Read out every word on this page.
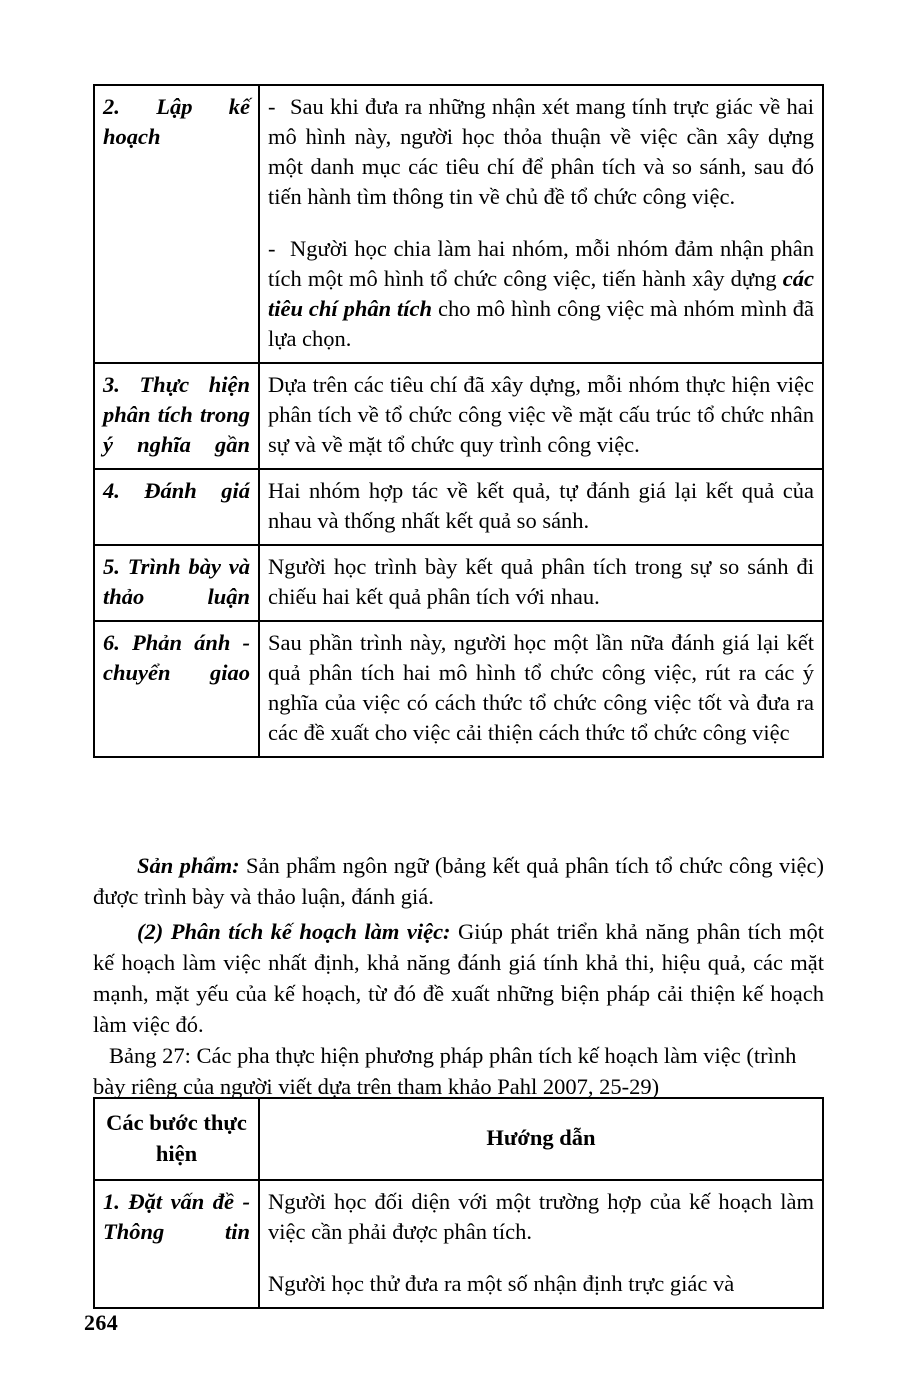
2. Lập kế hoạch	- Sau khi đưa ra những nhận xét mang tính trực giác về hai mô hình này, người học thỏa thuận về việc cần xây dựng một danh mục các tiêu chí để phân tích và so sánh, sau đó tiến hành tìm thông tin về chủ đề tổ chức công việc.

- Người học chia làm hai nhóm, mỗi nhóm đảm nhận phân tích một mô hình tổ chức công việc, tiến hành xây dựng các tiêu chí phân tích cho mô hình công việc mà nhóm mình đã lựa chọn.

3. Thực hiện phân tích trong ý nghĩa gần	Dựa trên các tiêu chí đã xây dựng, mỗi nhóm thực hiện việc phân tích về tổ chức công việc về mặt cấu trúc tổ chức nhân sự và về mặt tổ chức quy trình công việc.

4. Đánh giá	Hai nhóm hợp tác về kết quả, tự đánh giá lại kết quả của nhau và thống nhất kết quả so sánh.

5. Trình bày và thảo luận	Người học trình bày kết quả phân tích trong sự so sánh đi chiếu hai kết quả phân tích với nhau.

6. Phản ánh - chuyển giao	Sau phần trình này, người học một lần nữa đánh giá lại kết quả phân tích hai mô hình tổ chức công việc, rút ra các ý nghĩa của việc có cách thức tổ chức công việc tốt và đưa ra các đề xuất cho việc cải thiện cách thức tổ chức công việc

Sản phẩm: Sản phẩm ngôn ngữ (bảng kết quả phân tích tổ chức công việc) được trình bày và thảo luận, đánh giá.
(2) Phân tích kế hoạch làm việc: Giúp phát triển khả năng phân tích một kế hoạch làm việc nhất định, khả năng đánh giá tính khả thi, hiệu quả, các mặt mạnh, mặt yếu của kế hoạch, từ đó đề xuất những biện pháp cải thiện kế hoạch làm việc đó.
Bảng 27: Các pha thực hiện phương pháp phân tích kế hoạch làm việc (trình bày riêng của người viết dựa trên tham khảo Pahl 2007, 25-29)
Các bước thực hiện	Hướng dẫn
1. Đặt vấn đề - Thông tin	Người học đối diện với một trường hợp của kế hoạch làm việc cần phải được phân tích.

Người học thử đưa ra một số nhận định trực giác và

264
